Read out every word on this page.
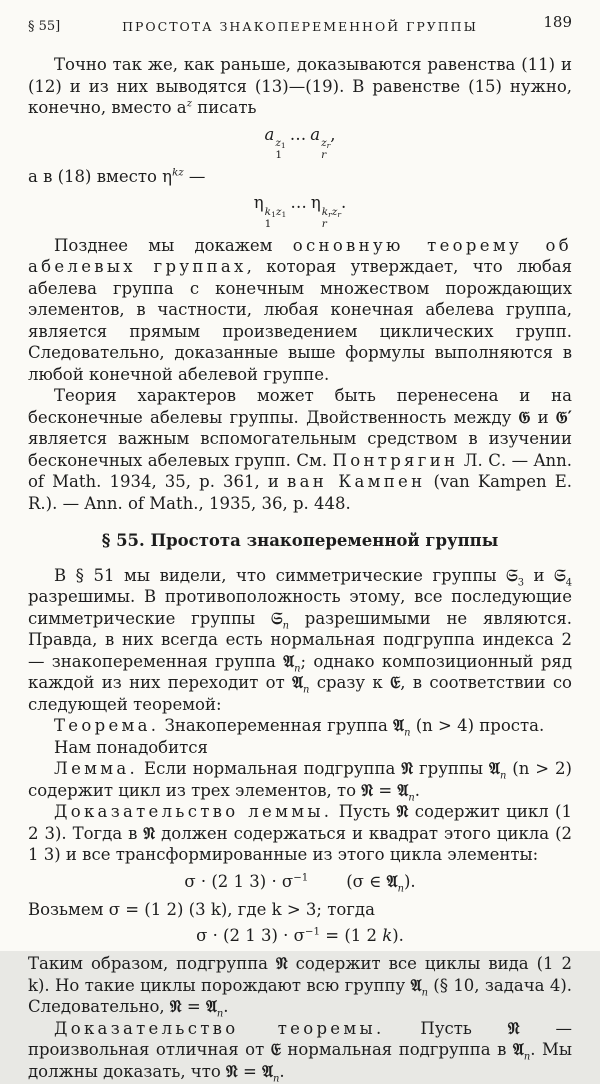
§ 55]	ПРОСТОТА ЗНАКОПЕРЕМЕННОЙ ГРУППЫ	189

Точно так же, как раньше, доказываются равенства (11) и (12) и из них выводятся (13)—(19). В равенстве (15) нужно, конечно, вместо $a^z$ писать

a $z_1$
1
… a $z_r$
r
,

а в (18) вместо $\eta^{kz}$ —

η $k_1z_1$
1
… η $k_rz_r$
r
.

Позднее мы докажем основную теорему об абелевых группах, которая утверждает, что любая абелева группа с конечным множеством порождающих элементов, в частности, любая конечная абелева группа, является прямым произведением циклических групп. Следовательно, доказанные выше формулы выполняются в любой конечной абелевой группе.

Теория характеров может быть перенесена и на бесконечные абелевы группы. Двойственность между 𝔊 и 𝔊′ является важным вспомогательным средством в изучении бесконечных абелевых групп. См. Понтрягин Л. С. — Ann. of Math. 1934, 35, p. 361, и ван Кампен (van Kampen E. R.). — Ann. of Math., 1935, 36, p. 448.

§ 55. Простота знакопеременной группы

В § 51 мы видели, что симметрические группы 𝔖$_3$ и 𝔖$_4$ разрешимы. В противоположность этому, все последующие симметрические группы 𝔖$_n$ разрешимыми не являются. Правда, в них всегда есть нормальная подгруппа индекса 2 — знакопеременная группа 𝔄$_n$; однако композиционный ряд каждой из них переходит от 𝔄$_n$ сразу к 𝔈, в соответствии со следующей теоремой:

Теорема. Знакопеременная группа 𝔄$_n$ (n > 4) проста.

Нам понадобится

Лемма. Если нормальная подгруппа 𝔑 группы 𝔄$_n$ (n > 2) содержит цикл из трех элементов, то 𝔑 = 𝔄$_n$.

Доказательство леммы. Пусть 𝔑 содержит цикл (1 2 3). Тогда в 𝔑 должен содержаться и квадрат этого цикла (2 1 3) и все трансформированные из этого цикла элементы:

σ · (2 1 $3) \cdot \sigma^{-1}$ (σ ∈ 𝔄$_n$).

Возьмем σ = (1 2) (3 k), где k > 3; тогда

σ · (2 1 $3) \cdot \sigma^{-1} = (1$ 2 k).

Таким образом, подгруппа 𝔑 содержит все циклы вида (1 2 k). Но такие циклы порождают всю группу 𝔄$_n$ (§ 10, задача 4). Следовательно, 𝔑 = 𝔄$_n$.

Доказательство теоремы. Пусть 𝔑 — произвольная отличная от 𝔈 нормальная подгруппа в 𝔄$_n$. Мы должны доказать, что 𝔑 = 𝔄$_n$.
